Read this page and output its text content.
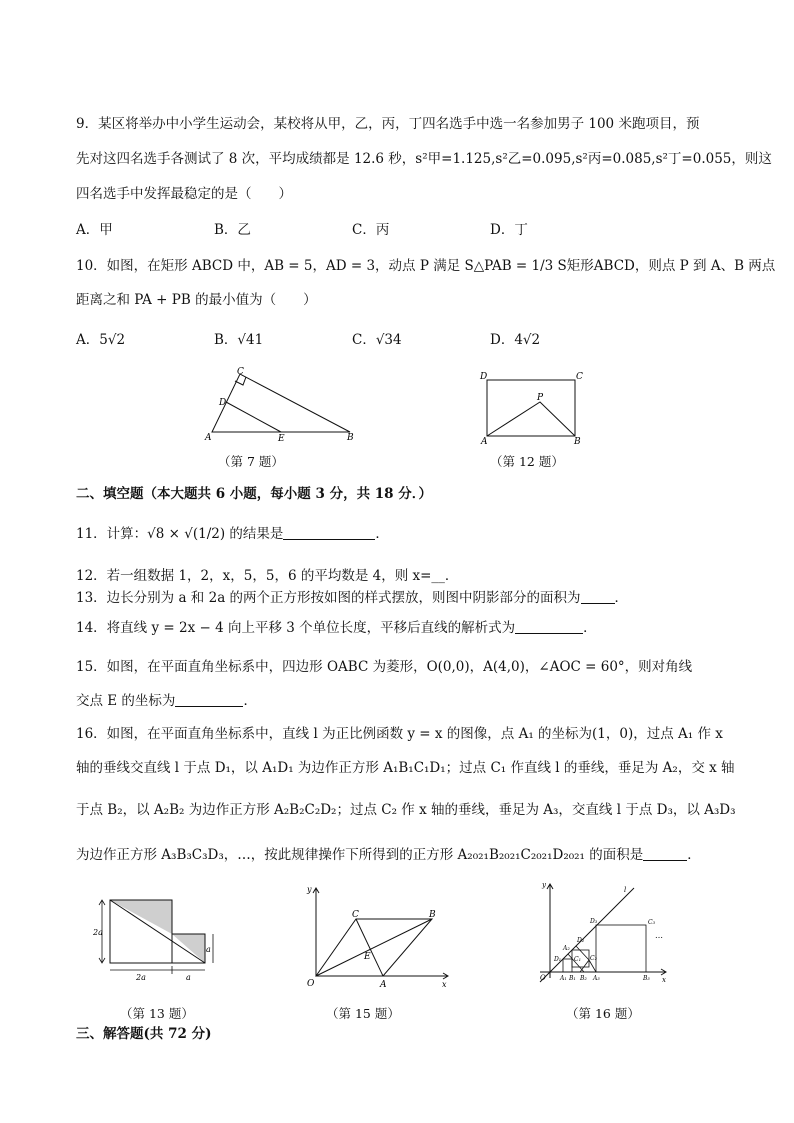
9．某区将举办中小学生运动会，某校将从甲，乙，丙，丁四名选手中选一名参加男子 100 米跑项目，预
先对这四名选手各测试了 8 次，平均成绩都是 12.6 秒，s²甲=1.125,s²乙=0.095,s²丙=0.085,s²丁=0.055，则这
四名选手中发挥最稳定的是（　　）
A．甲	B．乙	C．丙	D．丁
10．如图，在矩形 ABCD 中，AB = 5，AD = 3，动点 P 满足 S△PAB = 1/3 S矩形ABCD，则点 P 到 A、B 两点
距离之和 PA + PB 的最小值为（　　）
A．5√2	B．√41	C．√34	D．4√2
C
D
A	E	B
（第 7 题）
D	C
P
A	B
（第 12 题）
二、填空题（本大题共 6 小题，每小题 3 分，共 18 分．）
11．计算：√8 × √(1/2) 的结果是	．
12．若一组数据 1，2，x，5，5，6 的平均数是 4，则 x=__．
13．边长分别为 a 和 2a 的两个正方形按如图的样式摆放，则图中阴影部分的面积为	．
14．将直线 y = 2x − 4 向上平移 3 个单位长度，平移后直线的解析式为	．
15．如图，在平面直角坐标系中，四边形 OABC 为菱形，O(0,0)，A(4,0)，∠AOC = 60°，则对角线
交点 E 的坐标为	．
16．如图，在平面直角坐标系中，直线 l 为正比例函数 y = x 的图像，点 A₁ 的坐标为(1，0)，过点 A₁ 作 x
轴的垂线交直线 l 于点 D₁，以 A₁D₁ 为边作正方形 A₁B₁C₁D₁；过点 C₁ 作直线 l 的垂线，垂足为 A₂，交 x 轴
于点 B₂，以 A₂B₂ 为边作正方形 A₂B₂C₂D₂；过点 C₂ 作 x 轴的垂线，垂足为 A₃，交直线 l 于点 D₃，以 A₃D₃
为边作正方形 A₃B₃C₃D₃，…，按此规律操作下所得到的正方形 A₂₀₂₁B₂₀₂₁C₂₀₂₁D₂₀₂₁ 的面积是	．
2a
a
2a	a
（第 13 题）
y
x
O	A
B
C
E
（第 15 题）
y
x
l
O
D₁
A₂
C₁
D₂
C₂
D₃	C₃
A₁ B₁ B₂ A₃	B₃
…
（第 16 题）
三、解答题(共 72 分)
